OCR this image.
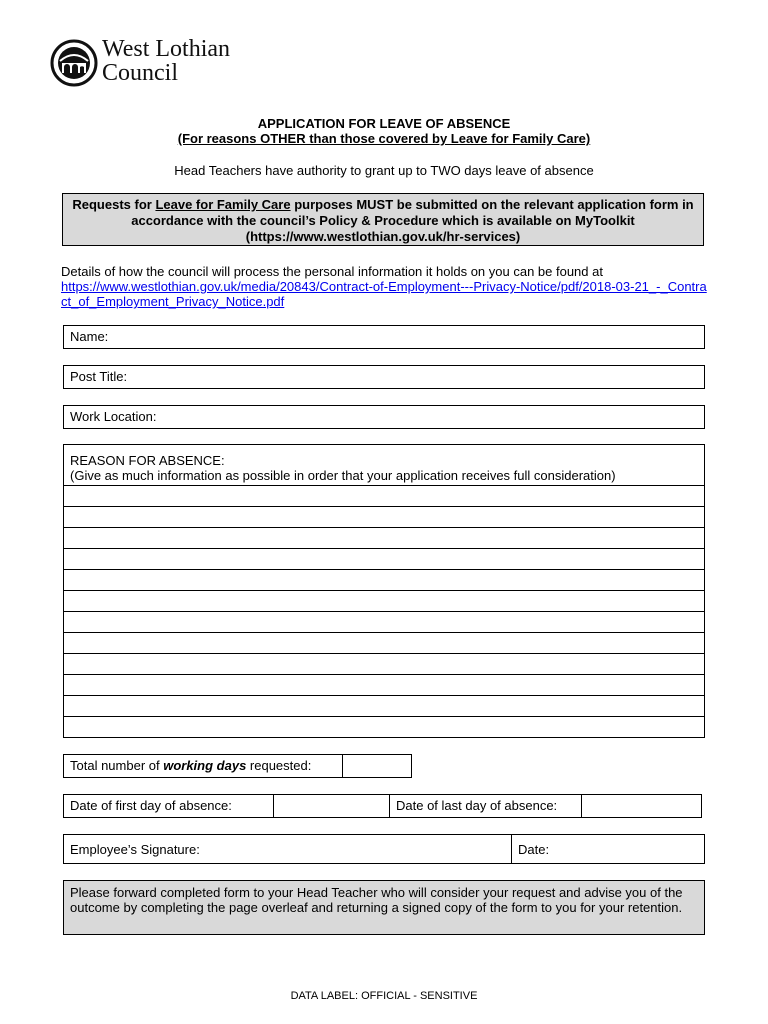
West Lothian
Council
APPLICATION FOR LEAVE OF ABSENCE
(For reasons OTHER than those covered by Leave for Family Care)
Head Teachers have authority to grant up to TWO days leave of absence
Requests for Leave for Family Care purposes MUST be submitted on the relevant application form in accordance with the council’s Policy & Procedure which is available on MyToolkit
(https://www.westlothian.gov.uk/hr-services)
Details of how the council will process the personal information it holds on you can be found at
https://www.westlothian.gov.uk/media/20843/Contract-of-Employment---Privacy-Notice/pdf/2018-03-21_-_Contract_of_Employment_Privacy_Notice.pdf
Name:
Post Title:
Work Location:
REASON FOR ABSENCE:
(Give as much information as possible in order that your application receives full consideration)
Total number of working days requested:
Date of first day of absence:	Date of last day of absence:
Employee’s Signature:	Date:
Please forward completed form to your Head Teacher who will consider your request and advise you of the outcome by completing the page overleaf and returning a signed copy of the form to you for your retention.
DATA LABEL: OFFICIAL - SENSITIVE
